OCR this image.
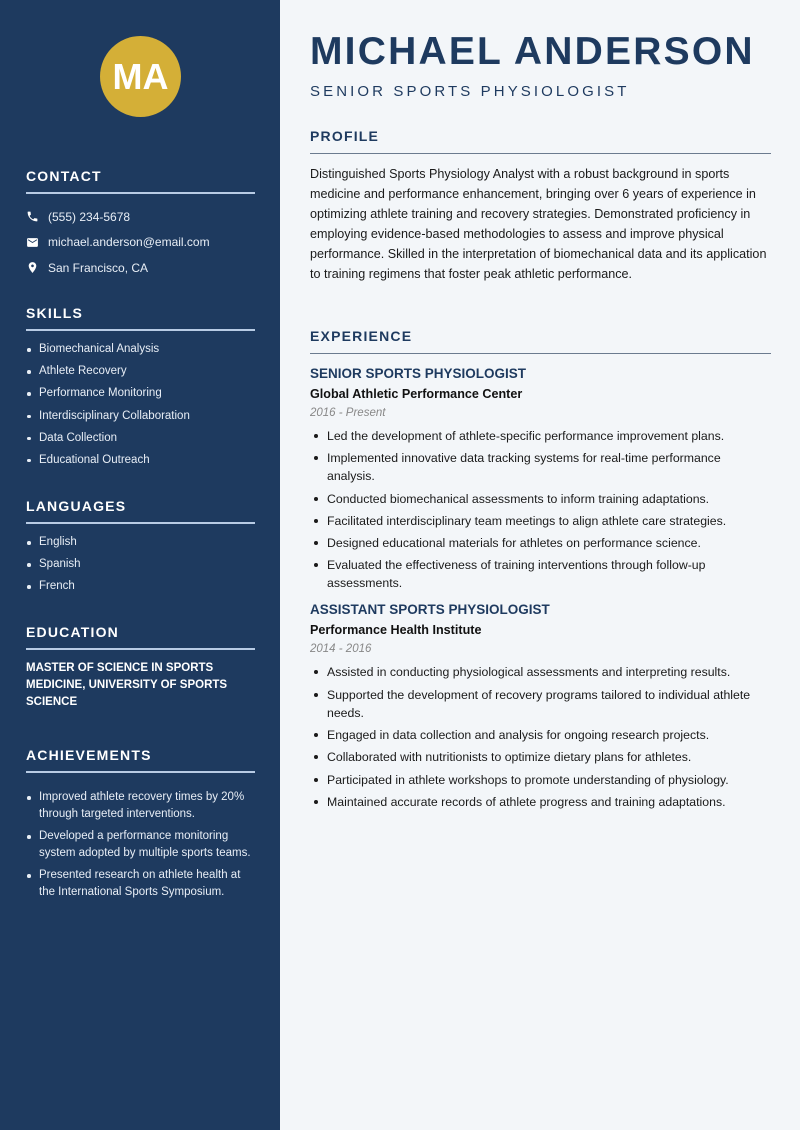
MA
CONTACT
(555) 234-5678
michael.anderson@email.com
San Francisco, CA
SKILLS
Biomechanical Analysis
Athlete Recovery
Performance Monitoring
Interdisciplinary Collaboration
Data Collection
Educational Outreach
LANGUAGES
English
Spanish
French
EDUCATION

MASTER OF SCIENCE IN SPORTS MEDICINE, UNIVERSITY OF SPORTS SCIENCE

ACHIEVEMENTS
Improved athlete recovery times by 20% through targeted interventions.
Developed a performance monitoring system adopted by multiple sports teams.
Presented research on athlete health at the International Sports Symposium.
MICHAEL ANDERSON
SENIOR SPORTS PHYSIOLOGIST
PROFILE

Distinguished Sports Physiology Analyst with a robust background in sports medicine and performance enhancement, bringing over 6 years of experience in optimizing athlete training and recovery strategies. Demonstrated proficiency in employing evidence-based methodologies to assess and improve physical performance. Skilled in the interpretation of biomechanical data and its application to training regimens that foster peak athletic performance.

EXPERIENCE
SENIOR SPORTS PHYSIOLOGIST
Global Athletic Performance Center
2016 - Present
Led the development of athlete-specific performance improvement plans.
Implemented innovative data tracking systems for real-time performance analysis.
Conducted biomechanical assessments to inform training adaptations.
Facilitated interdisciplinary team meetings to align athlete care strategies.
Designed educational materials for athletes on performance science.
Evaluated the effectiveness of training interventions through follow-up assessments.
ASSISTANT SPORTS PHYSIOLOGIST
Performance Health Institute
2014 - 2016
Assisted in conducting physiological assessments and interpreting results.
Supported the development of recovery programs tailored to individual athlete needs.
Engaged in data collection and analysis for ongoing research projects.
Collaborated with nutritionists to optimize dietary plans for athletes.
Participated in athlete workshops to promote understanding of physiology.
Maintained accurate records of athlete progress and training adaptations.
